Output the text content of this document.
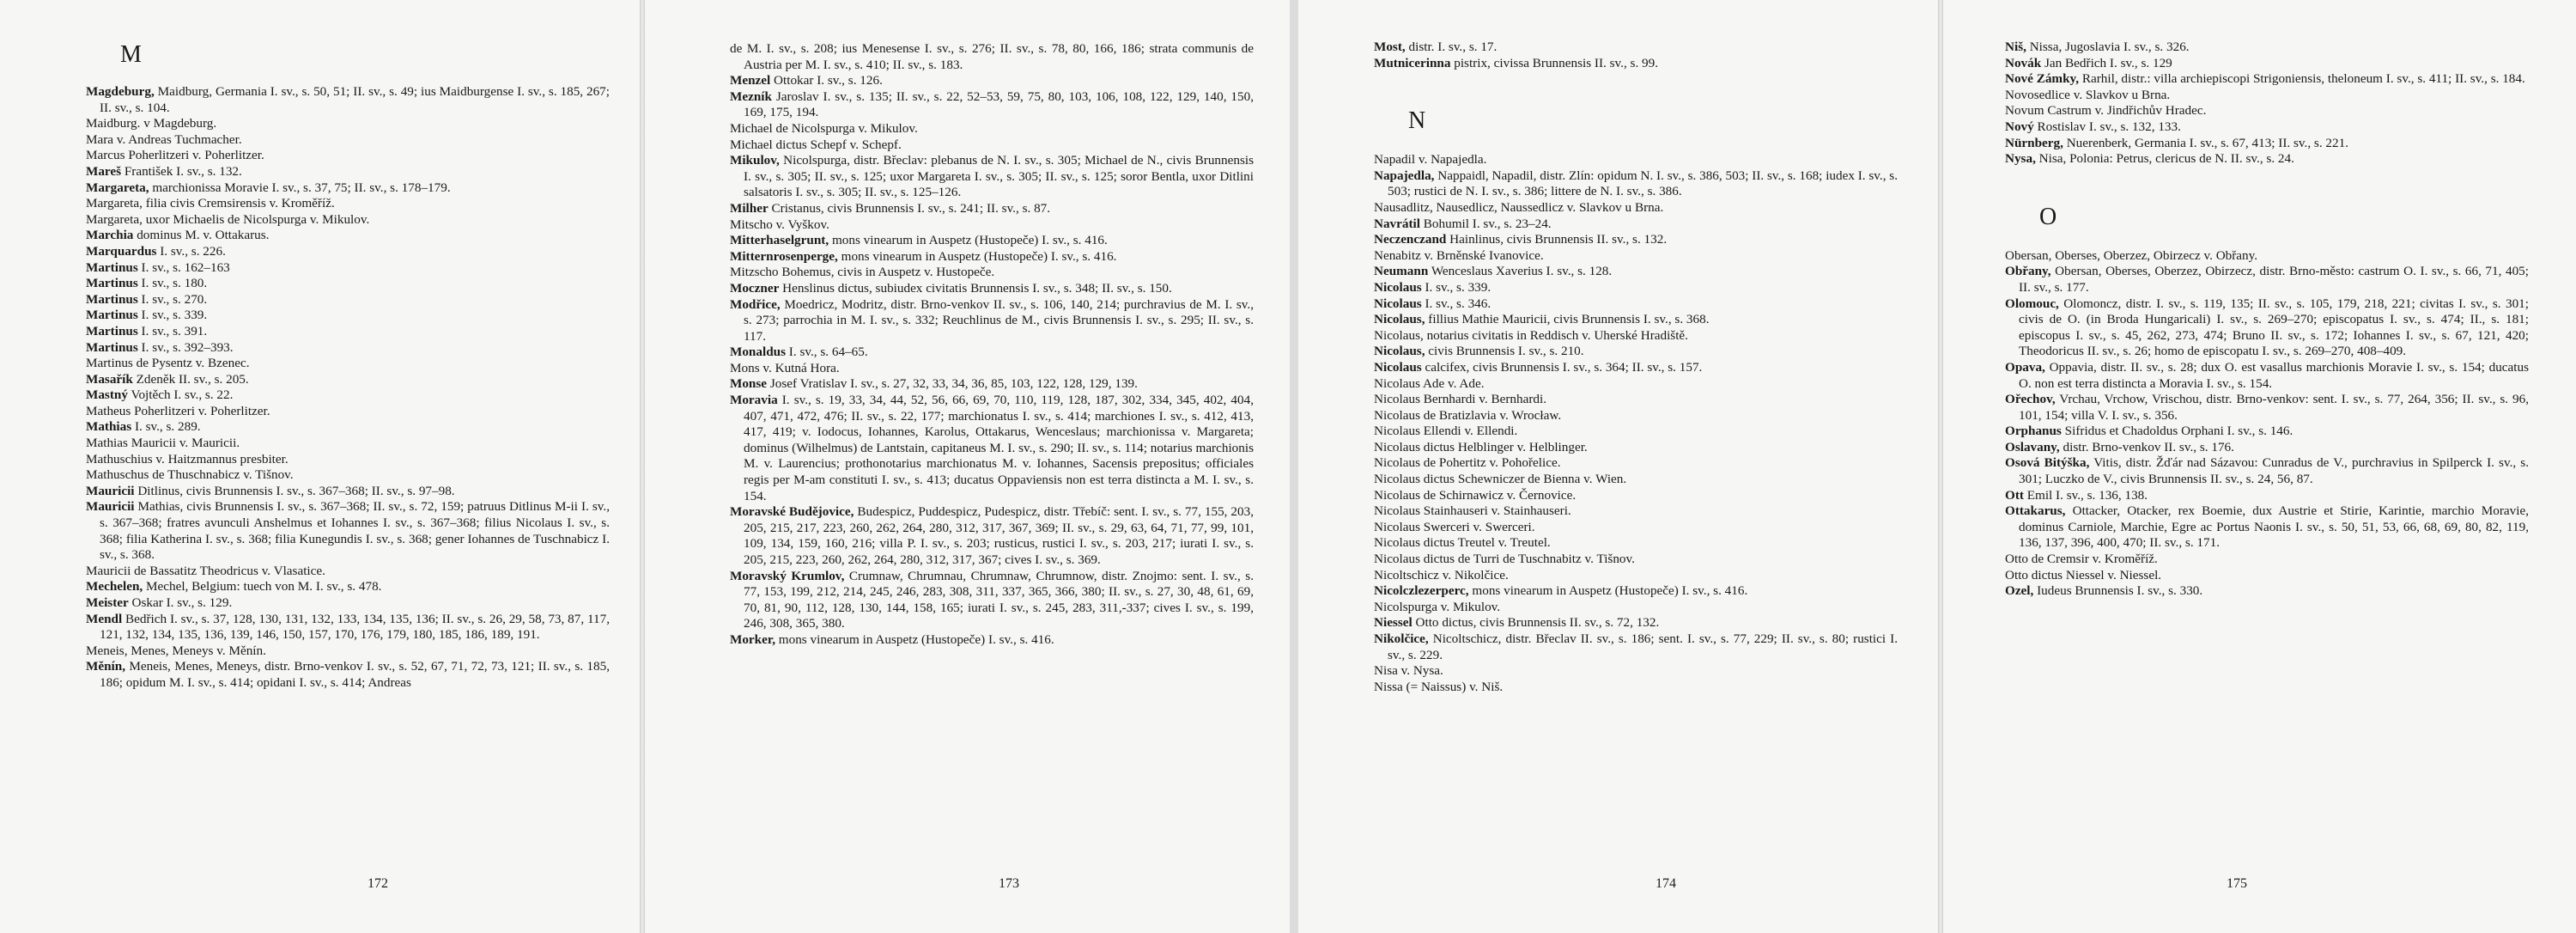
M
Magdeburg, Maidburg, Germania I. sv., s. 50, 51; II. sv., s. 49; ius Maidburgense I. sv., s. 185, 267; II. sv., s. 104.
Maidburg. v Magdeburg.
Mara v. Andreas Tuchmacher.
Marcus Poherlitzeri v. Poherlitzer.
Mareš František I. sv., s. 132.
Margareta, marchionissa Moravie I. sv., s. 37, 75; II. sv., s. 178–179.
Margareta, filia civis Cremsirensis v. Kroměříž.
Margareta, uxor Michaelis de Nicolspurga v. Mikulov.
Marchia dominus M. v. Ottakarus.
Marquardus I. sv., s. 226.
Martinus I. sv., s. 162–163
Martinus I. sv., s. 180.
Martinus I. sv., s. 270.
Martinus I. sv., s. 339.
Martinus I. sv., s. 391.
Martinus I. sv., s. 392–393.
Martinus de Pysentz v. Bzenec.
Masařík Zdeněk II. sv., s. 205.
Mastný Vojtěch I. sv., s. 22.
Matheus Poherlitzeri v. Poherlitzer.
Mathias I. sv., s. 289.
Mathias Mauricii v. Mauricii.
Mathuschius v. Haitzmannus presbiter.
Mathuschus de Thuschnabicz v. Tišnov.
Mauricii Ditlinus, civis Brunnensis I. sv., s. 367–368; II. sv., s. 97–98.
Mauricii Mathias, civis Brunnensis I. sv., s. 367–368; II. sv., s. 72, 159; patruus Ditlinus M-ii I. sv., s. 367–368; fratres avunculi Anshelmus et Iohannes I. sv., s. 367–368; filius Nicolaus I. sv., s. 368; filia Katherina I. sv., s. 368; filia Kunegundis I. sv., s. 368; gener Iohannes de Tuschnabicz I. sv., s. 368.
Mauricii de Bassatitz Theodricus v. Vlasatice.
Mechelen, Mechel, Belgium: tuech von M. I. sv., s. 478.
Meister Oskar I. sv., s. 129.
Mendl Bedřich I. sv., s. 37, 128, 130, 131, 132, 133, 134, 135, 136; II. sv., s. 26, 29, 58, 73, 87, 117, 121, 132, 134, 135, 136, 139, 146, 150, 157, 170, 176, 179, 180, 185, 186, 189, 191.
Meneis, Menes, Meneys v. Měnín.
Měnín, Meneis, Menes, Meneys, distr. Brno-venkov I. sv., s. 52, 67, 71, 72, 73, 121; II. sv., s. 185, 186; opidum M. I. sv., s. 414; opidani I. sv., s. 414; Andreas
172
de M. I. sv., s. 208; ius Menesense I. sv., s. 276; II. sv., s. 78, 80, 166, 186; strata communis de Austria per M. I. sv., s. 410; II. sv., s. 183.
Menzel Ottokar I. sv., s. 126.
Mezník Jaroslav I. sv., s. 135; II. sv., s. 22, 52–53, 59, 75, 80, 103, 106, 108, 122, 129, 140, 150, 169, 175, 194.
Michael de Nicolspurga v. Mikulov.
Michael dictus Schepf v. Schepf.
Mikulov, Nicolspurga, distr. Břeclav: plebanus de N. I. sv., s. 305; Michael de N., civis Brunnensis I. sv., s. 305; II. sv., s. 125; uxor Margareta I. sv., s. 305; II. sv., s. 125; soror Bentla, uxor Ditlini salsatoris I. sv., s. 305; II. sv., s. 125–126.
Milher Cristanus, civis Brunnensis I. sv., s. 241; II. sv., s. 87.
Mitscho v. Vyškov.
Mitterhaselgrunt, mons vinearum in Auspetz (Hustopeče) I. sv., s. 416.
Mitternrosenperge, mons vinearum in Auspetz (Hustopeče) I. sv., s. 416.
Mitzscho Bohemus, civis in Auspetz v. Hustopeče.
Moczner Henslinus dictus, subiudex civitatis Brunnensis I. sv., s. 348; II. sv., s. 150.
Modřice, Moedricz, Modritz, distr. Brno-venkov II. sv., s. 106, 140, 214; purchravius de M. I. sv., s. 273; parrochia in M. I. sv., s. 332; Reuchlinus de M., civis Brunnensis I. sv., s. 295; II. sv., s. 117.
Monaldus I. sv., s. 64–65.
Mons v. Kutná Hora.
Monse Josef Vratislav I. sv., s. 27, 32, 33, 34, 36, 85, 103, 122, 128, 129, 139.
Moravia I. sv., s. 19, 33, 34, 44, 52, 56, 66, 69, 70, 110, 119, 128, 187, 302, 334, 345, 402, 404, 407, 471, 472, 476; II. sv., s. 22, 177; marchionatus I. sv., s. 414; marchiones I. sv., s. 412, 413, 417, 419; v. Iodocus, Iohannes, Karolus, Ottakarus, Wenceslaus; marchionissa v. Margareta; dominus (Wilhelmus) de Lantstain, capitaneus M. I. sv., s. 290; II. sv., s. 114; notarius marchionis M. v. Laurencius; prothonotarius marchionatus M. v. Iohannes, Sacensis prepositus; officiales regis per M-am constituti I. sv., s. 413; ducatus Oppaviensis non est terra distincta a M. I. sv., s. 154.
Moravské Budějovice, Budespicz, Puddespicz, Pudespicz, distr. Třebíč: sent. I. sv., s. 77, 155, 203, 205, 215, 217, 223, 260, 262, 264, 280, 312, 317, 367, 369; II. sv., s. 29, 63, 64, 71, 77, 99, 101, 109, 134, 159, 160, 216; villa P. I. sv., s. 203; rusticus, rustici I. sv., s. 203, 217; iurati I. sv., s. 205, 215, 223, 260, 262, 264, 280, 312, 317, 367; cives I. sv., s. 369.
Moravský Krumlov, Crumnaw, Chrumnau, Chrumnaw, Chrumnow, distr. Znojmo: sent. I. sv., s. 77, 153, 199, 212, 214, 245, 246, 283, 308, 311, 337, 365, 366, 380; II. sv., s. 27, 30, 48, 61, 69, 70, 81, 90, 112, 128, 130, 144, 158, 165; iurati I. sv., s. 245, 283, 311,-337; cives I. sv., s. 199, 246, 308, 365, 380.
Morker, mons vinearum in Auspetz (Hustopeče) I. sv., s. 416.
173
Most, distr. I. sv., s. 17.
Mutnicerinna pistrix, civissa Brunnensis II. sv., s. 99.
N
Napadil v. Napajedla.
Napajedla, Nappaidl, Napadil, distr. Zlín: opidum N. I. sv., s. 386, 503; II. sv., s. 168; iudex I. sv., s. 503; rustici de N. I. sv., s. 386; littere de N. I. sv., s. 386.
Nausadlitz, Nausedlicz, Naussedlicz v. Slavkov u Brna.
Navrátil Bohumil I. sv., s. 23–24.
Neczenczand Hainlinus, civis Brunnensis II. sv., s. 132.
Nenabitz v. Brněnské Ivanovice.
Neumann Wenceslaus Xaverius I. sv., s. 128.
Nicolaus I. sv., s. 339.
Nicolaus I. sv., s. 346.
Nicolaus, fillius Mathie Mauricii, civis Brunnensis I. sv., s. 368.
Nicolaus, notarius civitatis in Reddisch v. Uherské Hradiště.
Nicolaus, civis Brunnensis I. sv., s. 210.
Nicolaus calcifex, civis Brunnensis I. sv., s. 364; II. sv., s. 157.
Nicolaus Ade v. Ade.
Nicolaus Bernhardi v. Bernhardi.
Nicolaus de Bratizlavia v. Wrocław.
Nicolaus Ellendi v. Ellendi.
Nicolaus dictus Helblinger v. Helblinger.
Nicolaus de Pohertitz v. Pohořelice.
Nicolaus dictus Schewniczer de Bienna v. Wien.
Nicolaus de Schirnawicz v. Černovice.
Nicolaus Stainhauseri v. Stainhauseri.
Nicolaus Swerceri v. Swerceri.
Nicolaus dictus Treutel v. Treutel.
Nicolaus dictus de Turri de Tuschnabitz v. Tišnov.
Nicoltschicz v. Nikolčice.
Nicolczlezerperc, mons vinearum in Auspetz (Hustopeče) I. sv., s. 416.
Nicolspurga v. Mikulov.
Niessel Otto dictus, civis Brunnensis II. sv., s. 72, 132.
Nikolčice, Nicoltschicz, distr. Břeclav II. sv., s. 186; sent. I. sv., s. 77, 229; II. sv., s. 80; rustici I. sv., s. 229.
Nisa v. Nysa.
Nissa (= Naissus) v. Niš.
174
Niš, Nissa, Jugoslavia I. sv., s. 326.
Novák Jan Bedřich I. sv., s. 129
Nové Zámky, Rarhil, distr.: villa archiepiscopi Strigoniensis, theloneum I. sv., s. 411; II. sv., s. 184.
Novosedlice v. Slavkov u Brna.
Novum Castrum v. Jindřichův Hradec.
Nový Rostislav I. sv., s. 132, 133.
Nürnberg, Nuerenberk, Germania I. sv., s. 67, 413; II. sv., s. 221.
Nysa, Nisa, Polonia: Petrus, clericus de N. II. sv., s. 24.
O
Obersan, Oberses, Oberzez, Obirzecz v. Obřany.
Obřany, Obersan, Oberses, Oberzez, Obirzecz, distr. Brno-město: castrum O. I. sv., s. 66, 71, 405; II. sv., s. 177.
Olomouc, Olomoncz, distr. I. sv., s. 119, 135; II. sv., s. 105, 179, 218, 221; civitas I. sv., s. 301; civis de O. (in Broda Hungaricali) I. sv., s. 269–270; episcopatus I. sv., s. 474; II., s. 181; episcopus I. sv., s. 45, 262, 273, 474; Bruno II. sv., s. 172; Iohannes I. sv., s. 67, 121, 420; Theodoricus II. sv., s. 26; homo de episcopatu I. sv., s. 269–270, 408–409.
Opava, Oppavia, distr. II. sv., s. 28; dux O. est vasallus marchionis Moravie I. sv., s. 154; ducatus O. non est terra distincta a Moravia I. sv., s. 154.
Ořechov, Vrchau, Vrchow, Vrischou, distr. Brno-venkov: sent. I. sv., s. 77, 264, 356; II. sv., s. 96, 101, 154; villa V. I. sv., s. 356.
Orphanus Sifridus et Chadoldus Orphani I. sv., s. 146.
Oslavany, distr. Brno-venkov II. sv., s. 176.
Osová Bitýška, Vitis, distr. Žďár nad Sázavou: Cunradus de V., purchravius in Spilperck I. sv., s. 301; Luczko de V., civis Brunnensis II. sv., s. 24, 56, 87.
Ott Emil I. sv., s. 136, 138.
Ottakarus, Ottacker, Otacker, rex Boemie, dux Austrie et Stirie, Karintie, marchio Moravie, dominus Carniole, Marchie, Egre ac Portus Naonis I. sv., s. 50, 51, 53, 66, 68, 69, 80, 82, 119, 136, 137, 396, 400, 470; II. sv., s. 171.
Otto de Cremsir v. Kroměříž.
Otto dictus Niessel v. Niessel.
Ozel, Iudeus Brunnensis I. sv., s. 330.
175
